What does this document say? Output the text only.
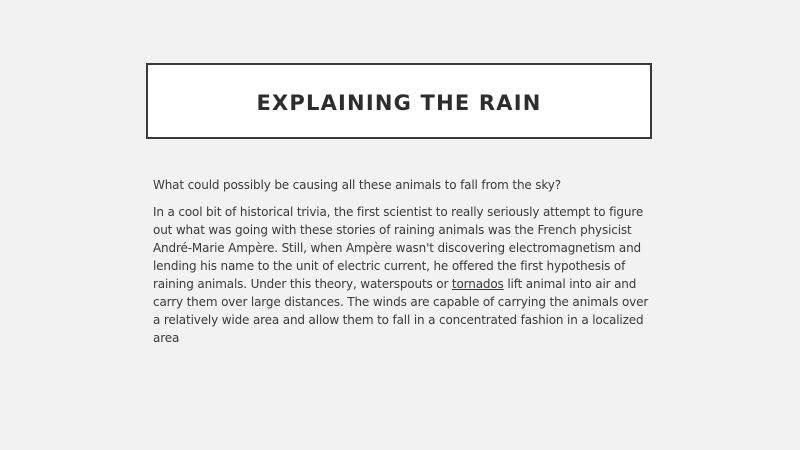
EXPLAINING THE RAIN

What could possibly be causing all these animals to fall from the sky?

In a cool bit of historical trivia, the first scientist to really seriously attempt to figure out what was going with these stories of raining animals was the French physicist André-Marie Ampère. Still, when Ampère wasn't discovering electromagnetism and lending his name to the unit of electric current, he offered the first hypothesis of raining animals. Under this theory, waterspouts or tornados lift animal into air and carry them over large distances. The winds are capable of carrying the animals over a relatively wide area and allow them to fall in a concentrated fashion in a localized area
